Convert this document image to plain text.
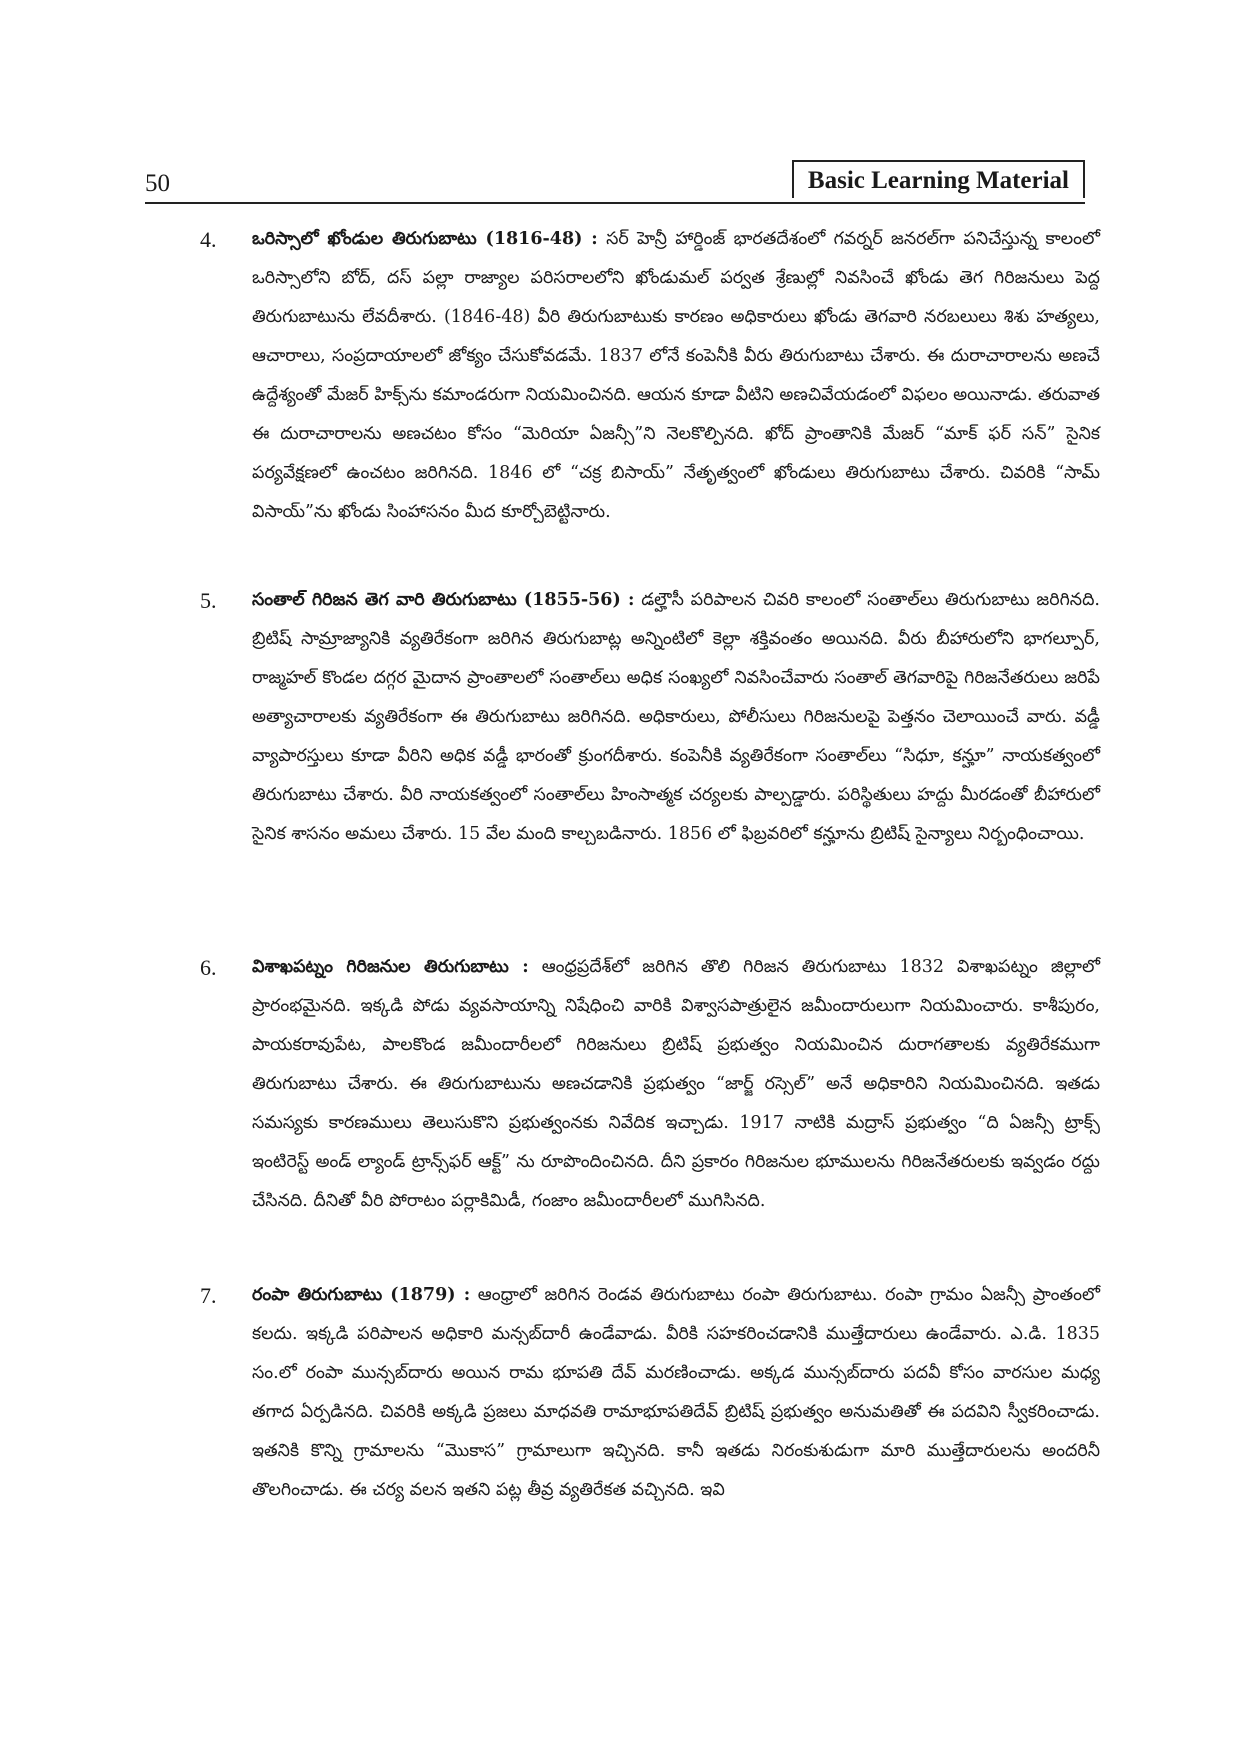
50	Basic Learning Material
4. ఒరిస్సాలో ఖోండుల తిరుగుబాటు (1816-48) : సర్ హెన్రీ హార్డింజ్ భారతదేశంలో గవర్నర్ జనరల్‌గా పనిచేస్తున్న కాలంలో ఒరిస్సాలోని బోద్, దస్ పల్లా రాజ్యాల పరిసరాలలోని ఖోండుమల్ పర్వత శ్రేణుల్లో నివసించే ఖోండు తెగ గిరిజనులు పెద్ద తిరుగుబాటును లేవదీశారు. (1846-48) వీరి తిరుగుబాటుకు కారణం అధికారులు ఖోండు తెగవారి నరబలులు శిశు హత్యలు, ఆచారాలు, సంప్రదాయాలలో జోక్యం చేసుకోవడమే. 1837 లోనే కంపెనీకి వీరు తిరుగుబాటు చేశారు. ఈ దురాచారాలను అణచే ఉద్దేశ్యంతో మేజర్ హిక్స్‌ను కమాండరుగా నియమించినది. ఆయన కూడా వీటిని అణచివేయడంలో విఫలం అయినాడు. తరువాత ఈ దురాచారాలను అణచటం కోసం “మెరియా ఏజన్సీ”ని నెలకొల్పినది. ఖోద్ ప్రాంతానికి మేజర్ “మాక్ ఫర్ సన్” సైనిక పర్యవేక్షణలో ఉంచటం జరిగినది. 1846 లో “చక్ర బిసాయ్” నేతృత్వంలో ఖోండులు తిరుగుబాటు చేశారు. చివరికి “సామ్ విసాయ్”ను ఖోండు సింహాసనం మీద కూర్చోబెట్టినారు.
5. సంతాల్ గిరిజన తెగ వారి తిరుగుబాటు (1855-56) : డల్హౌసీ పరిపాలన చివరి కాలంలో సంతాల్‌లు తిరుగుబాటు జరిగినది. బ్రిటిష్ సామ్రాజ్యానికి వ్యతిరేకంగా జరిగిన తిరుగుబాట్ల అన్నింటిలో కెల్లా శక్తివంతం అయినది. వీరు బీహారులోని భాగల్పూర్, రాజ్మహల్ కొండల దగ్గర మైదాన ప్రాంతాలలో సంతాల్‌లు అధిక సంఖ్యలో నివసించేవారు సంతాల్ తెగవారిపై గిరిజనేతరులు జరిపే అత్యాచారాలకు వ్యతిరేకంగా ఈ తిరుగుబాటు జరిగినది. అధికారులు, పోలీసులు గిరిజనులపై పెత్తనం చెలాయించే వారు. వడ్డీ వ్యాపారస్తులు కూడా వీరిని అధిక వడ్డీ భారంతో క్రుంగదీశారు. కంపెనీకి వ్యతిరేకంగా సంతాల్‌లు “సిధూ, కన్హూ” నాయకత్వంలో తిరుగుబాటు చేశారు. వీరి నాయకత్వంలో సంతాల్‌లు హింసాత్మక చర్యలకు పాల్పడ్డారు. పరిస్థితులు హద్దు మీరడంతో బీహారులో సైనిక శాసనం అమలు చేశారు. 15 వేల మంది కాల్చబడినారు. 1856 లో ఫిబ్రవరిలో కన్హూను బ్రిటిష్ సైన్యాలు నిర్బంధించాయి.
6. విశాఖపట్నం గిరిజనుల తిరుగుబాటు : ఆంధ్రప్రదేశ్‌లో జరిగిన తొలి గిరిజన తిరుగుబాటు 1832 విశాఖపట్నం జిల్లాలో ప్రారంభమైనది. ఇక్కడి పోడు వ్యవసాయాన్ని నిషేధించి వారికి విశ్వాసపాత్రులైన జమీందారులుగా నియమించారు. కాశీపురం, పాయకరావుపేట, పాలకొండ జమీందారీలలో గిరిజనులు బ్రిటిష్ ప్రభుత్వం నియమించిన దురాగతాలకు వ్యతిరేకముగా తిరుగుబాటు చేశారు. ఈ తిరుగుబాటును అణచడానికి ప్రభుత్వం “జార్జ్ రస్సెల్” అనే అధికారిని నియమించినది. ఇతడు సమస్యకు కారణములు తెలుసుకొని ప్రభుత్వంనకు నివేదిక ఇచ్చాడు. 1917 నాటికి మద్రాస్ ప్రభుత్వం “ది ఏజన్సీ ట్రాక్స్ ఇంటిరెస్ట్ అండ్ ల్యాండ్ ట్రాన్స్‌ఫర్ ఆక్ట్” ను రూపొందించినది. దీని ప్రకారం గిరిజనుల భూములను గిరిజనేతరులకు ఇవ్వడం రద్దు చేసినది. దీనితో వీరి పోరాటం పర్లాకిమిడీ, గంజాం జమీందారీలలో ముగిసినది.
7. రంపా తిరుగుబాటు (1879) : ఆంధ్రాలో జరిగిన రెండవ తిరుగుబాటు రంపా తిరుగుబాటు. రంపా గ్రామం ఏజన్సీ ప్రాంతంలో కలదు. ఇక్కడి పరిపాలన అధికారి మన్సబ్‌దారీ ఉండేవాడు. వీరికి సహకరించడానికి ముత్తేదారులు ఉండేవారు. ఎ.డి. 1835 సం.లో రంపా మున్సబ్‌దారు అయిన రామ భూపతి దేవ్ మరణించాడు. అక్కడ మున్సబ్‌దారు పదవీ కోసం వారసుల మధ్య తగాద ఏర్పడినది. చివరికి అక్కడి ప్రజలు మాధవతి రామాభూపతిదేవ్ బ్రిటిష్ ప్రభుత్వం అనుమతితో ఈ పదవిని స్వీకరించాడు. ఇతనికి కొన్ని గ్రామాలను “మొకాస” గ్రామాలుగా ఇచ్చినది. కానీ ఇతడు నిరంకుశుడుగా మారి ముత్తేదారులను అందరినీ తొలగించాడు. ఈ చర్య వలన ఇతని పట్ల తీవ్ర వ్యతిరేకత వచ్చినది. ఇవి
